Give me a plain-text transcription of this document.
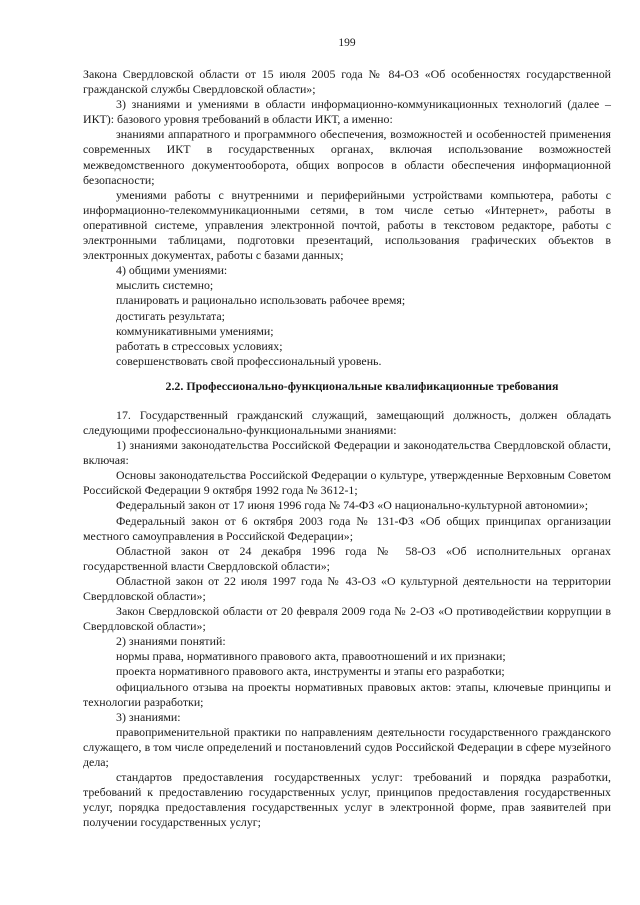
199

Закона Свердловской области от 15 июля 2005 года № 84-ОЗ «Об особенностях государственной гражданской службы Свердловской области»;

3) знаниями и умениями в области информационно-коммуникационных технологий (далее – ИКТ): базового уровня требований в области ИКТ, а именно:

знаниями аппаратного и программного обеспечения, возможностей и особенностей применения современных ИКТ в государственных органах, включая использование возможностей межведомственного документооборота, общих вопросов в области обеспечения информационной безопасности;

умениями работы с внутренними и периферийными устройствами компьютера, работы с информационно-телекоммуникационными сетями, в том числе сетью «Интернет», работы в оперативной системе, управления электронной почтой, работы в текстовом редакторе, работы с электронными таблицами, подготовки презентаций, использования графических объектов в электронных документах, работы с базами данных;

4) общими умениями:

мыслить системно;

планировать и рационально использовать рабочее время;

достигать результата;

коммуникативными умениями;

работать в стрессовых условиях;

совершенствовать свой профессиональный уровень.

2.2. Профессионально-функциональные квалификационные требования

17. Государственный гражданский служащий, замещающий должность, должен обладать следующими профессионально-функциональными знаниями:

1) знаниями законодательства Российской Федерации и законодательства Свердловской области, включая:

Основы законодательства Российской Федерации о культуре, утвержденные Верховным Советом Российской Федерации 9 октября 1992 года № 3612-1;

Федеральный закон от 17 июня 1996 года № 74-ФЗ «О национально-культурной автономии»;

Федеральный закон от 6 октября 2003 года № 131-ФЗ «Об общих принципах организации местного самоуправления в Российской Федерации»;

Областной закон от 24 декабря 1996 года № 58-ОЗ «Об исполнительных органах государственной власти Свердловской области»;

Областной закон от 22 июля 1997 года № 43-ОЗ «О культурной деятельности на территории Свердловской области»;

Закон Свердловской области от 20 февраля 2009 года № 2-ОЗ «О противодействии коррупции в Свердловской области»;

2) знаниями понятий:

нормы права, нормативного правового акта, правоотношений и их признаки;

проекта нормативного правового акта, инструменты и этапы его разработки;

официального отзыва на проекты нормативных правовых актов: этапы, ключевые принципы и технологии разработки;

3) знаниями:

правоприменительной практики по направлениям деятельности государственного гражданского служащего, в том числе определений и постановлений судов Российской Федерации в сфере музейного дела;

стандартов предоставления государственных услуг: требований и порядка разработки, требований к предоставлению государственных услуг, принципов предоставления государственных услуг, порядка предоставления государственных услуг в электронной форме, прав заявителей при получении государственных услуг;
